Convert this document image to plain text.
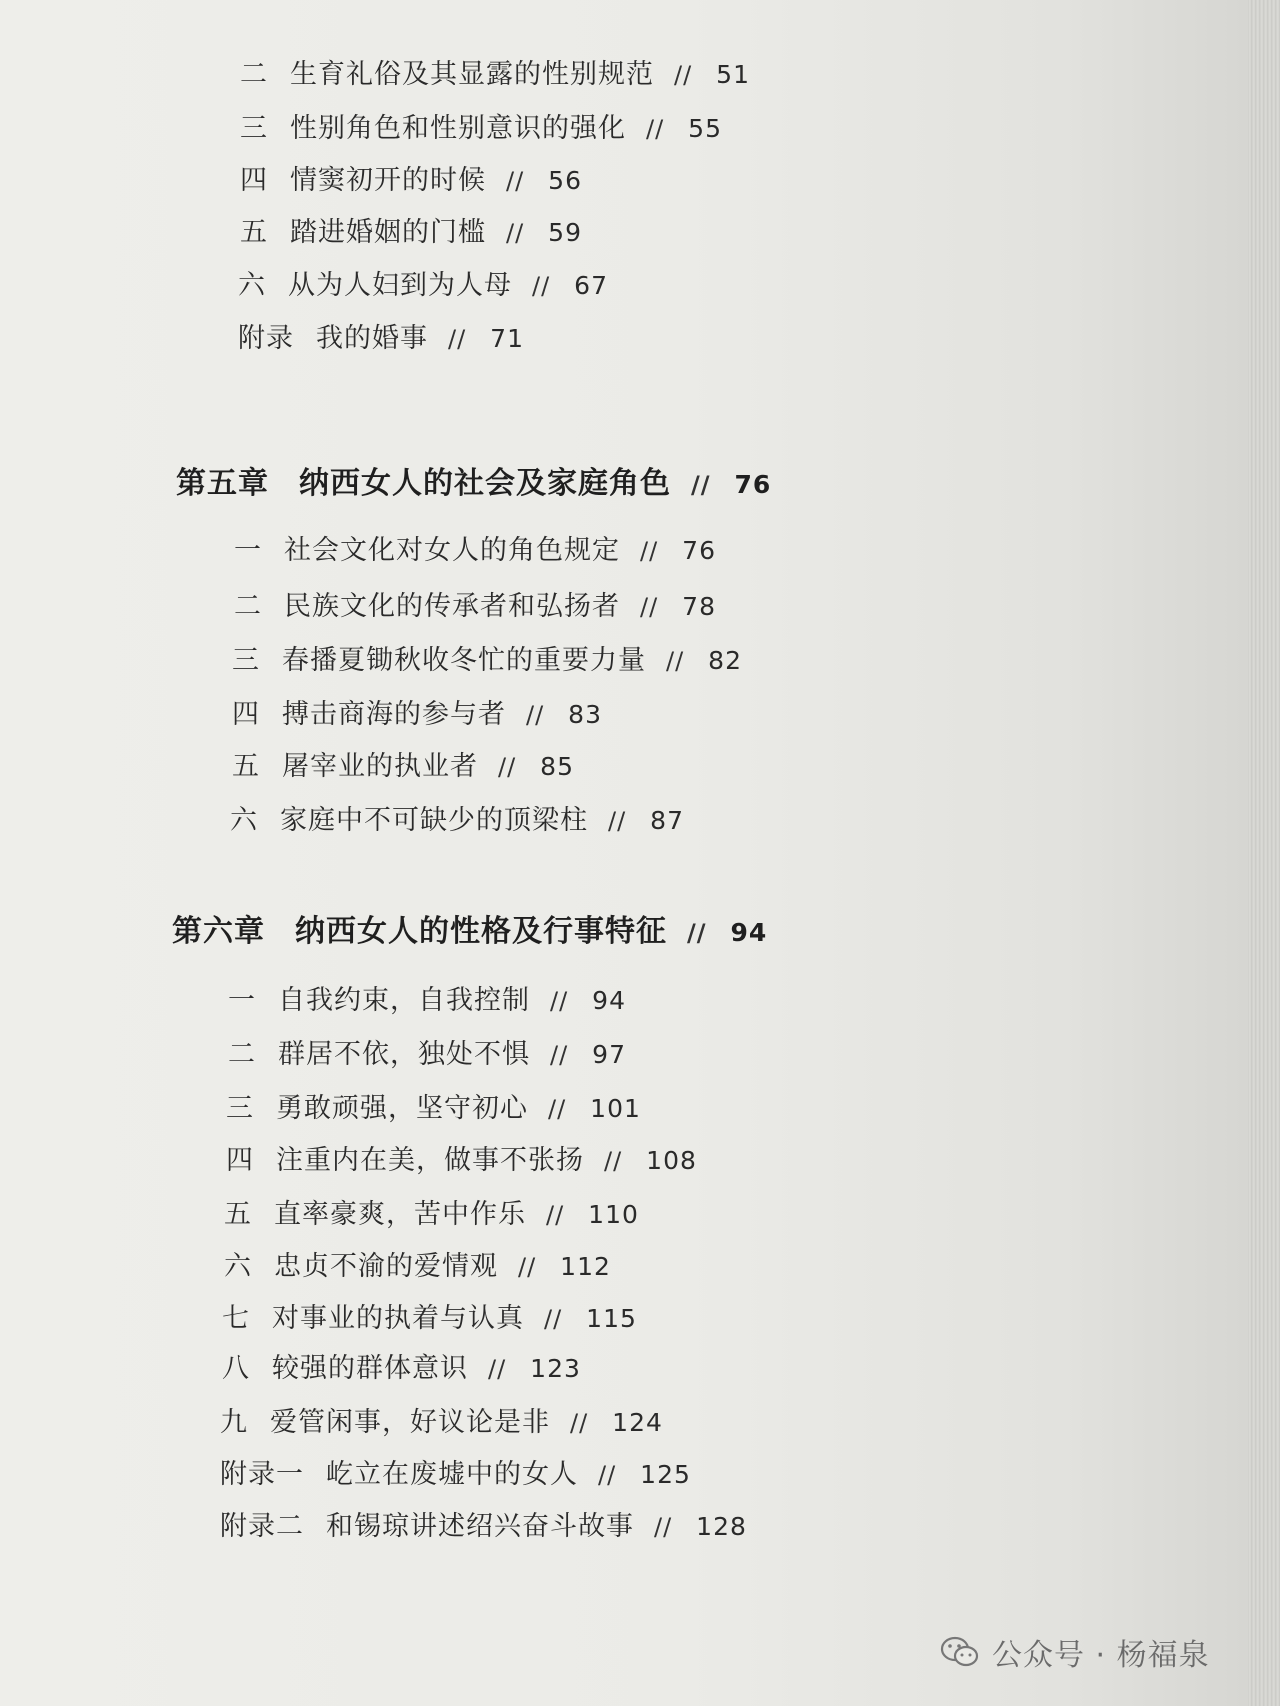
二 生育礼俗及其显露的性别规范 // 51
三 性别角色和性别意识的强化 // 55
四 情窦初开的时候 // 56
五 踏进婚姻的门槛 // 59
六 从为人妇到为人母 // 67
附录 我的婚事 // 71
第五章 纳西女人的社会及家庭角色 // 76
一 社会文化对女人的角色规定 // 76
二 民族文化的传承者和弘扬者 // 78
三 春播夏锄秋收冬忙的重要力量 // 82
四 搏击商海的参与者 // 83
五 屠宰业的执业者 // 85
六 家庭中不可缺少的顶梁柱 // 87
第六章 纳西女人的性格及行事特征 // 94
一 自我约束，自我控制 // 94
二 群居不依，独处不惧 // 97
三 勇敢顽强，坚守初心 // 101
四 注重内在美，做事不张扬 // 108
五 直率豪爽，苦中作乐 // 110
六 忠贞不渝的爱情观 // 112
七 对事业的执着与认真 // 115
八 较强的群体意识 // 123
九 爱管闲事，好议论是非 // 124
附录一 屹立在废墟中的女人 // 125
附录二 和锡琼讲述绍兴奋斗故事 // 128
公众号 · 杨福泉
